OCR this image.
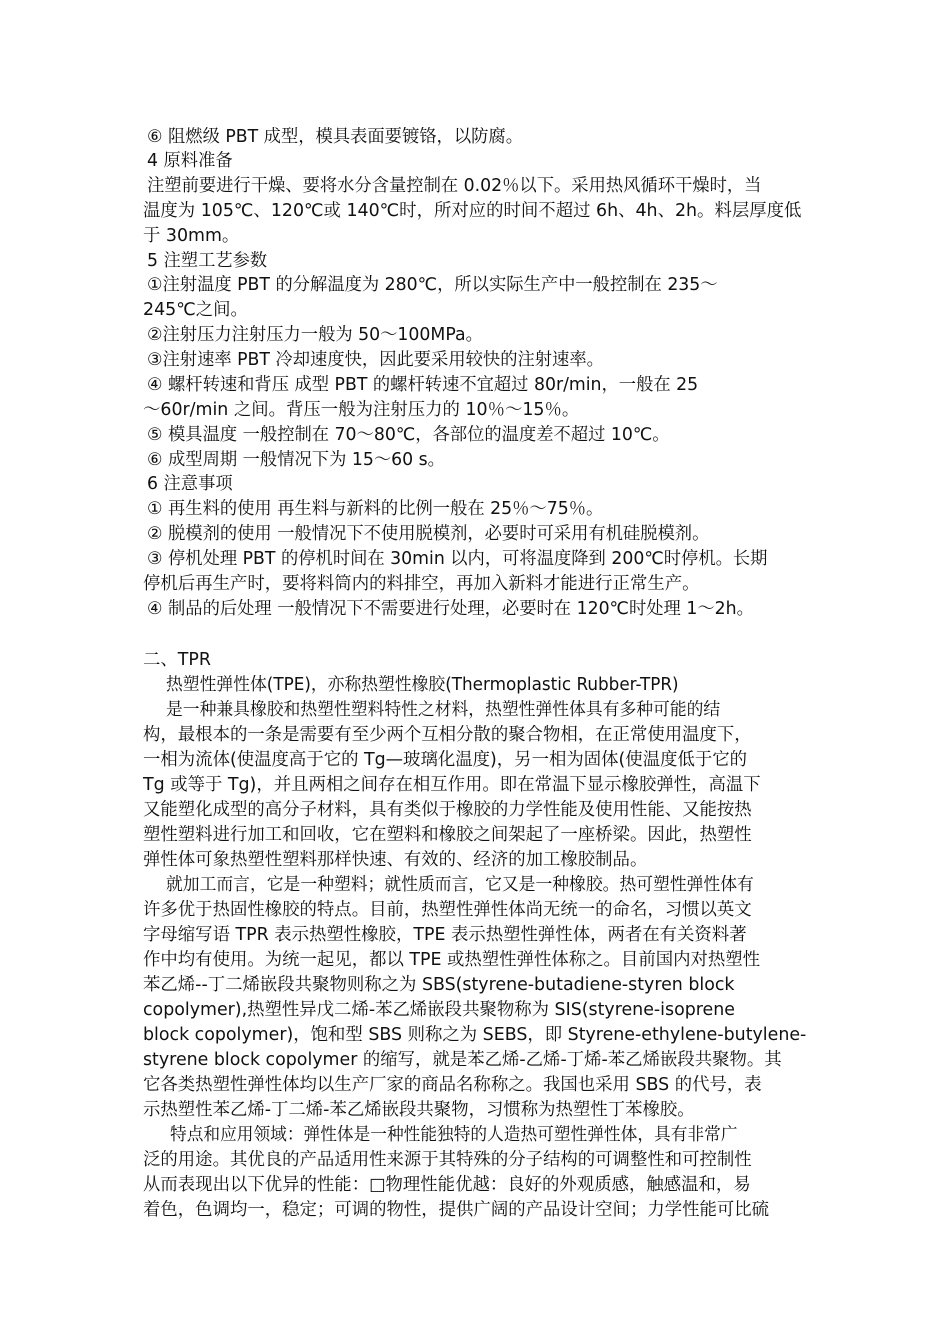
⑥ 阻燃级 PBT 成型，模具表面要镀铬，以防腐。
4 原料准备
注塑前要进行干燥、要将水分含量控制在 0.02％以下。采用热风循环干燥时，当
温度为 105℃、120℃或 140℃时，所对应的时间不超过 6h、4h、2h。料层厚度低
于 30mm。
5 注塑工艺参数
①注射温度 PBT 的分解温度为 280℃，所以实际生产中一般控制在 235～
245℃之间。
②注射压力注射压力一般为 50～100MPa。
③注射速率 PBT 冷却速度快，因此要采用较快的注射速率。
④ 螺杆转速和背压 成型 PBT 的螺杆转速不宜超过 80r/min，一般在 25
～60r/min 之间。背压一般为注射压力的 10％～15％。
⑤ 模具温度 一般控制在 70～80℃，各部位的温度差不超过 10℃。
⑥ 成型周期 一般情况下为 15～60 s。
6 注意事项
① 再生料的使用 再生料与新料的比例一般在 25％～75％。
② 脱模剂的使用 一般情况下不使用脱模剂，必要时可采用有机硅脱模剂。
③ 停机处理 PBT 的停机时间在 30min 以内，可将温度降到 200℃时停机。长期
停机后再生产时，要将料筒内的料排空，再加入新料才能进行正常生产。
④ 制品的后处理 一般情况下不需要进行处理，必要时在 120℃时处理 1～2h。
二、TPR
热塑性弹性体(TPE)，亦称热塑性橡胶(Thermoplastic Rubber-TPR)
是一种兼具橡胶和热塑性塑料特性之材料，热塑性弹性体具有多种可能的结
构，最根本的一条是需要有至少两个互相分散的聚合物相，在正常使用温度下，
一相为流体(使温度高于它的 Tg—玻璃化温度)，另一相为固体(使温度低于它的
Tg 或等于 Tg)，并且两相之间存在相互作用。即在常温下显示橡胶弹性，高温下
又能塑化成型的高分子材料，具有类似于橡胶的力学性能及使用性能、又能按热
塑性塑料进行加工和回收，它在塑料和橡胶之间架起了一座桥梁。因此，热塑性
弹性体可象热塑性塑料那样快速、有效的、经济的加工橡胶制品。
就加工而言，它是一种塑料；就性质而言，它又是一种橡胶。热可塑性弹性体有
许多优于热固性橡胶的特点。目前，热塑性弹性体尚无统一的命名，习惯以英文
字母缩写语 TPR 表示热塑性橡胶，TPE 表示热塑性弹性体，两者在有关资料著
作中均有使用。为统一起见，都以 TPE 或热塑性弹性体称之。目前国内对热塑性
苯乙烯--丁二烯嵌段共聚物则称之为 SBS(styrene-butadiene-styren block
copolymer),热塑性异戊二烯-苯乙烯嵌段共聚物称为 SIS(styrene-isoprene
block copolymer)，饱和型 SBS 则称之为 SEBS，即 Styrene-ethylene-butylene-
styrene block copolymer 的缩写，就是苯乙烯-乙烯-丁烯-苯乙烯嵌段共聚物。其
它各类热塑性弹性体均以生产厂家的商品名称称之。我国也采用 SBS 的代号，表
示热塑性苯乙烯-丁二烯-苯乙烯嵌段共聚物，习惯称为热塑性丁苯橡胶。
特点和应用领域：弹性体是一种性能独特的人造热可塑性弹性体，具有非常广
泛的用途。其优良的产品适用性来源于其特殊的分子结构的可调整性和可控制性
从而表现出以下优异的性能：□物理性能优越：良好的外观质感，触感温和，易
着色，色调均一，稳定；可调的物性，提供广阔的产品设计空间；力学性能可比硫
